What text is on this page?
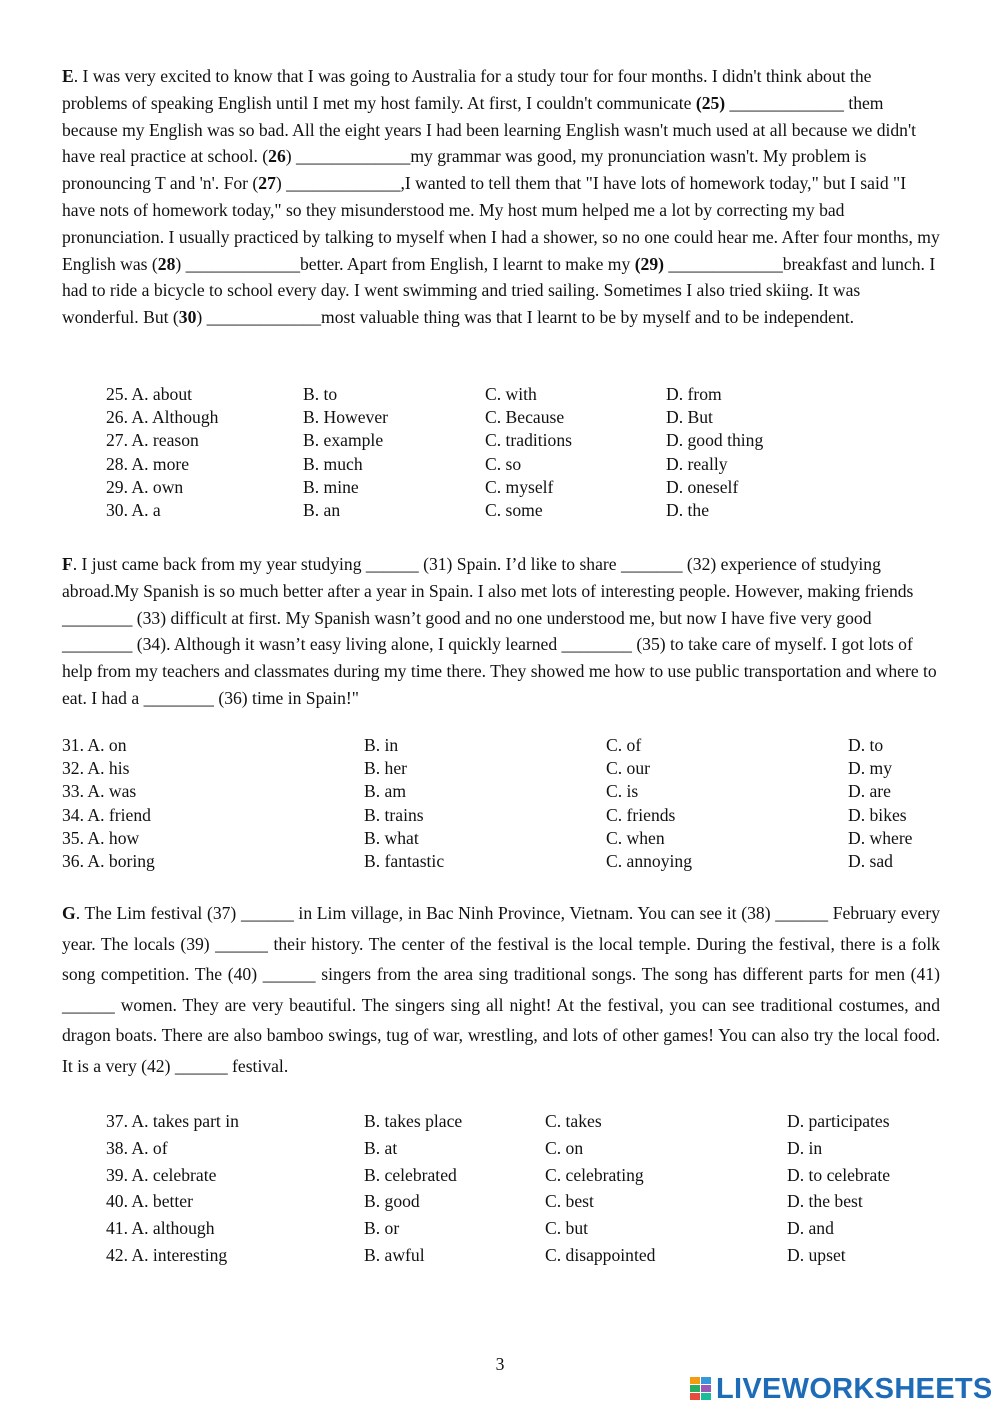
E. I was very excited to know that I was going to Australia for a study tour for four months. I didn't think about the problems of speaking English until I met my host family. At first, I couldn't communicate (25) _____________ them because my English was so bad. All the eight years I had been learning English wasn't much used at all because we didn't have real practice at school. (26) _____________my grammar was good, my pronunciation wasn't. My problem is pronouncing T and 'n'. For (27) _____________,I wanted to tell them that "I have lots of homework today," but I said "I have nots of homework today," so they misunderstood me. My host mum helped me a lot by correcting my bad pronunciation. I usually practiced by talking to myself when I had a shower, so no one could hear me. After four months, my English was (28) _____________better. Apart from English, I learnt to make my (29) _____________breakfast and lunch. I had to ride a bicycle to school every day. I went swimming and tried sailing. Sometimes I also tried skiing. It was wonderful. But (30) _____________most valuable thing was that I learnt to be by myself and to be independent.

25. A. about	B. to	C. with	D. from
26. A. Although	B. However	C. Because	D. But
27. A. reason	B. example	C. traditions	D. good thing
28. A. more	B. much	C. so	D. really
29. A. own	B. mine	C. myself	D. oneself
30. A. a	B. an	C. some	D. the

F. I just came back from my year studying ______ (31) Spain. I’d like to share _______ (32) experience of studying abroad.My Spanish is so much better after a year in Spain. I also met lots of interesting people. However, making friends ________ (33) difficult at first. My Spanish wasn’t good and no one understood me, but now I have five very good ________ (34). Although it wasn’t easy living alone, I quickly learned ________ (35) to take care of myself. I got lots of help from my teachers and classmates during my time there. They showed me how to use public transportation and where to eat. I had a ________ (36) time in Spain!"

31. A. on	B. in	C. of	D. to
32. A. his	B. her	C. our	D. my
33. A. was	B. am	C. is	D. are
34. A. friend	B. trains	C. friends	D. bikes
35. A. how	B. what	C. when	D. where
36. A. boring	B. fantastic	C. annoying	D. sad

G. The Lim festival (37) ______ in Lim village, in Bac Ninh Province, Vietnam. You can see it (38) ______ February every year. The locals (39) ______ their history. The center of the festival is the local temple. During the festival, there is a folk song competition. The (40) ______ singers from the area sing traditional songs. The song has different parts for men (41) ______ women. They are very beautiful. The singers sing all night! At the festival, you can see traditional costumes, and dragon boats. There are also bamboo swings, tug of war, wrestling, and lots of other games! You can also try the local food. It is a very (42) ______ festival.

37. A. takes part in	B. takes place	C. takes	D. participates
38. A. of	B. at	C. on	D. in
39. A. celebrate	B. celebrated	C. celebrating	D. to celebrate
40. A. better	B. good	C. best	D. the best
41. A. although	B. or	C. but	D. and
42. A. interesting	B. awful	C. disappointed	D. upset
3
LIVEWORKSHEETS
